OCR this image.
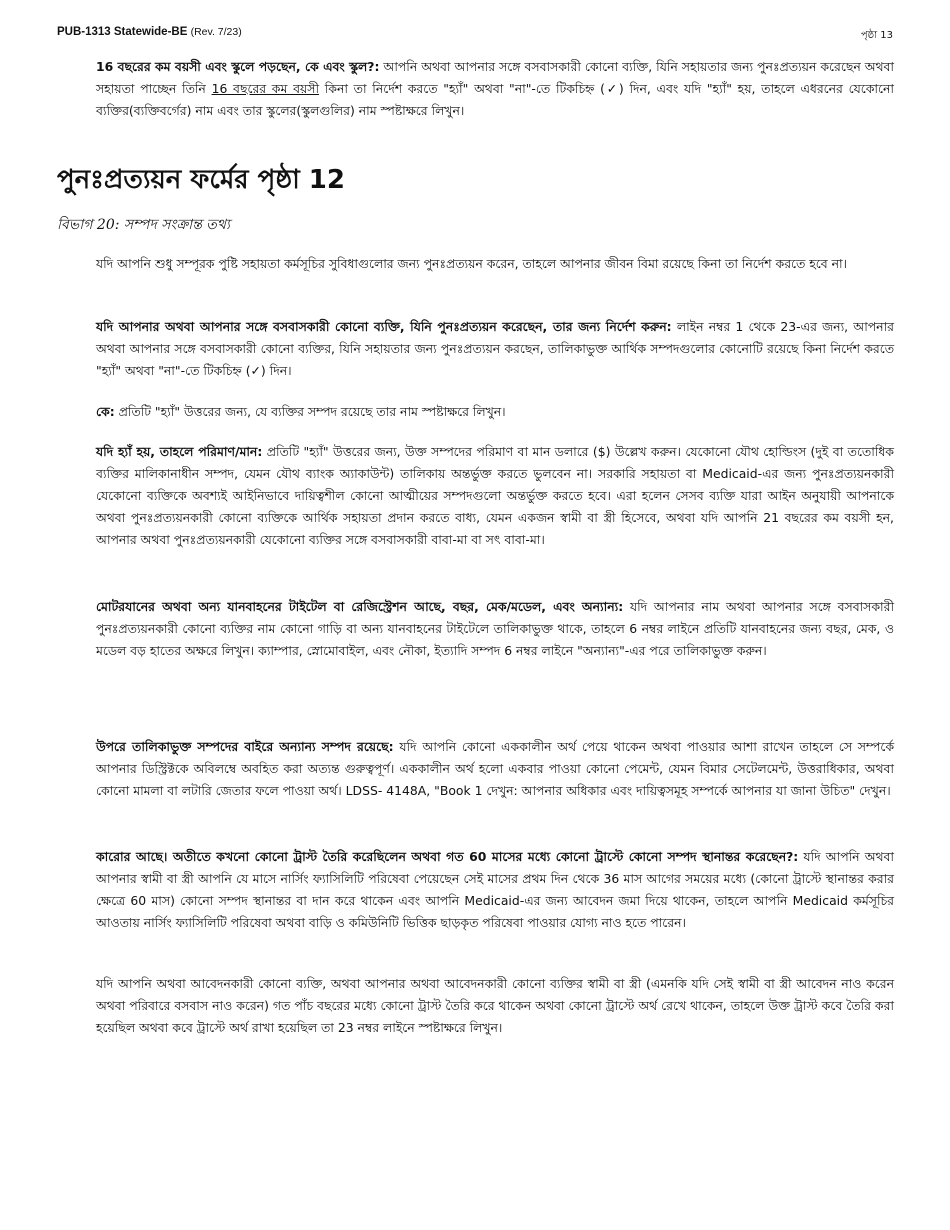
PUB-1313 Statewide-BE (Rev. 7/23)	পৃষ্ঠা 13

16 বছরের কম বয়সী এবং স্কুলে পড়ছেন, কে এবং স্কুল?: আপনি অথবা আপনার সঙ্গে বসবাসকারী কোনো ব্যক্তি, যিনি সহায়তার জন্য পুনঃপ্রত্যয়ন করেছেন অথবা সহায়তা পাচ্ছেন তিনি 16 বছরের কম বয়সী কিনা তা নির্দেশ করতে "হ্যাঁ" অথবা "না"-তে টিকচিহ্ন (✓) দিন, এবং যদি "হ্যাঁ" হয়, তাহলে এধরনের যেকোনো ব্যক্তির(ব্যক্তিবর্গের) নাম এবং তার স্কুলের(স্কুলগুলির) নাম স্পষ্টাক্ষরে লিখুন।

পুনঃপ্রত্যয়ন ফর্মের পৃষ্ঠা 12
বিভাগ 20: সম্পদ সংক্রান্ত তথ্য

যদি আপনি শুধু সম্পূরক পুষ্টি সহায়তা কর্মসূচির সুবিধাগুলোর জন্য পুনঃপ্রত্যয়ন করেন, তাহলে আপনার জীবন বিমা রয়েছে কিনা তা নির্দেশ করতে হবে না।

যদি আপনার অথবা আপনার সঙ্গে বসবাসকারী কোনো ব্যক্তি, যিনি পুনঃপ্রত্যয়ন করেছেন, তার জন্য নির্দেশ করুন: লাইন নম্বর 1 থেকে 23-এর জন্য, আপনার অথবা আপনার সঙ্গে বসবাসকারী কোনো ব্যক্তির, যিনি সহায়তার জন্য পুনঃপ্রত্যয়ন করছেন, তালিকাভুক্ত আর্থিক সম্পদগুলোর কোনোটি রয়েছে কিনা নির্দেশ করতে "হ্যাঁ" অথবা "না"-তে টিকচিহ্ন (✓) দিন।

কে: প্রতিটি "হ্যাঁ" উত্তরের জন্য, যে ব্যক্তির সম্পদ রয়েছে তার নাম স্পষ্টাক্ষরে লিখুন।

যদি হ্যাঁ হয়, তাহলে পরিমাণ/মান: প্রতিটি "হ্যাঁ" উত্তরের জন্য, উক্ত সম্পদের পরিমাণ বা মান ডলারে ($) উল্লেখ করুন। যেকোনো যৌথ হোল্ডিংস (দুই বা ততোধিক ব্যক্তির মালিকানাধীন সম্পদ, যেমন যৌথ ব্যাংক অ্যাকাউন্ট) তালিকায় অন্তর্ভুক্ত করতে ভুলবেন না। সরকারি সহায়তা বা Medicaid-এর জন্য পুনঃপ্রত্যয়নকারী যেকোনো ব্যক্তিকে অবশ্যই আইনিভাবে দায়িত্বশীল কোনো আত্মীয়ের সম্পদগুলো অন্তর্ভুক্ত করতে হবে। এরা হলেন সেসব ব্যক্তি যারা আইন অনুযায়ী আপনাকে অথবা পুনঃপ্রত্যয়নকারী কোনো ব্যক্তিকে আর্থিক সহায়তা প্রদান করতে বাধ্য, যেমন একজন স্বামী বা স্ত্রী হিসেবে, অথবা যদি আপনি 21 বছরের কম বয়সী হন, আপনার অথবা পুনঃপ্রত্যয়নকারী যেকোনো ব্যক্তির সঙ্গে বসবাসকারী বাবা-মা বা সৎ বাবা-মা।

মোটরযানের অথবা অন্য যানবাহনের টাইটেল বা রেজিস্ট্রেশন আছে, বছর, মেক/মডেল, এবং অন্যান্য: যদি আপনার নাম অথবা আপনার সঙ্গে বসবাসকারী পুনঃপ্রত্যয়নকারী কোনো ব্যক্তির নাম কোনো গাড়ি বা অন্য যানবাহনের টাইটেলে তালিকাভুক্ত থাকে, তাহলে 6 নম্বর লাইনে প্রতিটি যানবাহনের জন্য বছর, মেক, ও মডেল বড় হাতের অক্ষরে লিখুন। ক্যাম্পার, স্নোমোবাইল, এবং নৌকা, ইত্যাদি সম্পদ 6 নম্বর লাইনে "অন্যান্য"-এর পরে তালিকাভুক্ত করুন।

উপরে তালিকাভুক্ত সম্পদের বাইরে অন্যান্য সম্পদ রয়েছে: যদি আপনি কোনো এককালীন অর্থ পেয়ে থাকেন অথবা পাওয়ার আশা রাখেন তাহলে সে সম্পর্কে আপনার ডিস্ট্রিক্টকে অবিলম্বে অবহিত করা অত্যন্ত গুরুত্বপূর্ণ। এককালীন অর্থ হলো একবার পাওয়া কোনো পেমেন্ট, যেমন বিমার সেটেলমেন্ট, উত্তরাধিকার, অথবা কোনো মামলা বা লটারি জেতার ফলে পাওয়া অর্থ। LDSS- 4148A, "Book 1 দেখুন: আপনার অধিকার এবং দায়িত্বসমূহ সম্পর্কে আপনার যা জানা উচিত" দেখুন।

কারোর আছে। অতীতে কখনো কোনো ট্রাস্ট তৈরি করেছিলেন অথবা গত 60 মাসের মধ্যে কোনো ট্রাস্টে কোনো সম্পদ স্থানান্তর করেছেন?: যদি আপনি অথবা আপনার স্বামী বা স্ত্রী আপনি যে মাসে নার্সিং ফ্যাসিলিটি পরিষেবা পেয়েছেন সেই মাসের প্রথম দিন থেকে 36 মাস আগের সময়ের মধ্যে (কোনো ট্রাস্টে স্থানান্তর করার ক্ষেত্রে 60 মাস) কোনো সম্পদ স্থানান্তর বা দান করে থাকেন এবং আপনি Medicaid-এর জন্য আবেদন জমা দিয়ে থাকেন, তাহলে আপনি Medicaid কর্মসূচির আওতায় নার্সিং ফ্যাসিলিটি পরিষেবা অথবা বাড়ি ও কমিউনিটি ভিত্তিক ছাড়কৃত পরিষেবা পাওয়ার যোগ্য নাও হতে পারেন।

যদি আপনি অথবা আবেদনকারী কোনো ব্যক্তি, অথবা আপনার অথবা আবেদনকারী কোনো ব্যক্তির স্বামী বা স্ত্রী (এমনকি যদি সেই স্বামী বা স্ত্রী আবেদন নাও করেন অথবা পরিবারে বসবাস নাও করেন) গত পাঁচ বছরের মধ্যে কোনো ট্রাস্ট তৈরি করে থাকেন অথবা কোনো ট্রাস্টে অর্থ রেখে থাকেন, তাহলে উক্ত ট্রাস্ট কবে তৈরি করা হয়েছিল অথবা কবে ট্রাস্টে অর্থ রাখা হয়েছিল তা 23 নম্বর লাইনে স্পষ্টাক্ষরে লিখুন।
